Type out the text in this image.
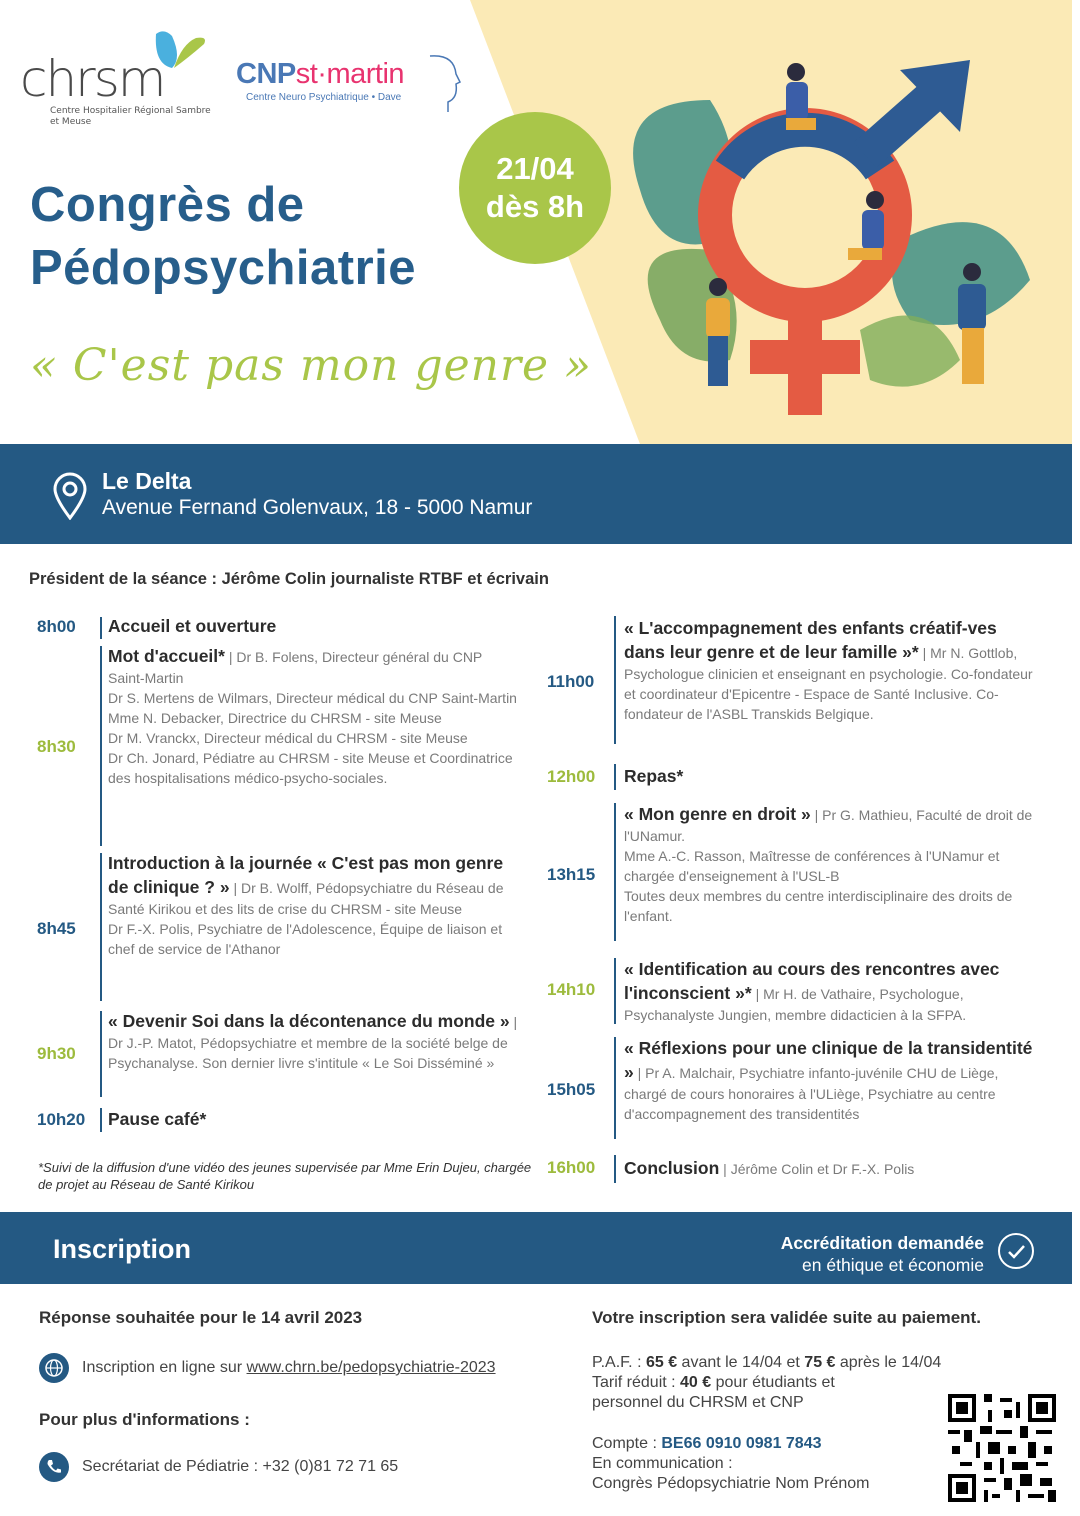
chrsm
Centre Hospitalier Régional Sambre et Meuse
CNPst·martin
Centre Neuro Psychiatrique • Dave
Congrès de
Pédopsychiatrie
21/04
dès 8h
« C'est pas mon genre »
Le Delta
Avenue Fernand Golenvaux, 18 - 5000 Namur
Président de la séance : Jérôme Colin journaliste RTBF et écrivain
8h00 Accueil et ouverture
8h30
Mot d'accueil* | Dr B. Folens, Directeur général du CNP Saint-Martin
Dr S. Mertens de Wilmars, Directeur médical du CNP Saint-Martin
Mme N. Debacker, Directrice du CHRSM - site Meuse
Dr M. Vranckx, Directeur médical du CHRSM - site Meuse
Dr Ch. Jonard, Pédiatre au CHRSM - site Meuse et Coordinatrice des hospitalisations médico-psycho-sociales.
8h45
Introduction à la journée « C'est pas mon genre de clinique ? » | Dr B. Wolff, Pédopsychiatre du Réseau de Santé Kirikou et des lits de crise du CHRSM - site Meuse
Dr F.-X. Polis, Psychiatre de l'Adolescence, Équipe de liaison et chef de service de l'Athanor
9h30
« Devenir Soi dans la décontenance du monde » | Dr J.-P. Matot, Pédopsychiatre et membre de la société belge de Psychanalyse. Son dernier livre s'intitule « Le Soi Disséminé »
10h20 Pause café*
*Suivi de la diffusion d'une vidéo des jeunes supervisée par Mme Erin Dujeu, chargée de projet au Réseau de Santé Kirikou
11h00
« L'accompagnement des enfants créatif-ves dans leur genre et de leur famille »* | Mr N. Gottlob, Psychologue clinicien et enseignant en psychologie. Co-fondateur et coordinateur d'Epicentre - Espace de Santé Inclusive. Co-fondateur de l'ASBL Transkids Belgique.
12h00 Repas*
13h15
« Mon genre en droit » | Pr G. Mathieu, Faculté de droit de l'UNamur.
Mme A.-C. Rasson, Maîtresse de conférences à l'UNamur et chargée d'enseignement à l'USL-B
Toutes deux membres du centre interdisciplinaire des droits de l'enfant.
14h10
« Identification au cours des rencontres avec l'inconscient »* | Mr H. de Vathaire, Psychologue, Psychanalyste Jungien, membre didacticien à la SFPA.
15h05
« Réflexions pour une clinique de la transidentité » | Pr A. Malchair, Psychiatre infanto-juvénile CHU de Liège, chargé de cours honoraires à l'ULiège, Psychiatre au centre d'accompagnement des transidentités
16h00 Conclusion | Jérôme Colin et Dr F.-X. Polis
Inscription	Accréditation demandée
en éthique et économie
Réponse souhaitée pour le 14 avril 2023
Inscription en ligne sur www.chrn.be/pedopsychiatrie-2023
Pour plus d'informations :
Secrétariat de Pédiatrie : +32 (0)81 72 71 65
Votre inscription sera validée suite au paiement.
P.A.F. : 65 € avant le 14/04 et 75 € après le 14/04
Tarif réduit : 40 € pour étudiants et
personnel du CHRSM et CNP
Compte : BE66 0910 0981 7843
En communication :
Congrès Pédopsychiatrie Nom Prénom
